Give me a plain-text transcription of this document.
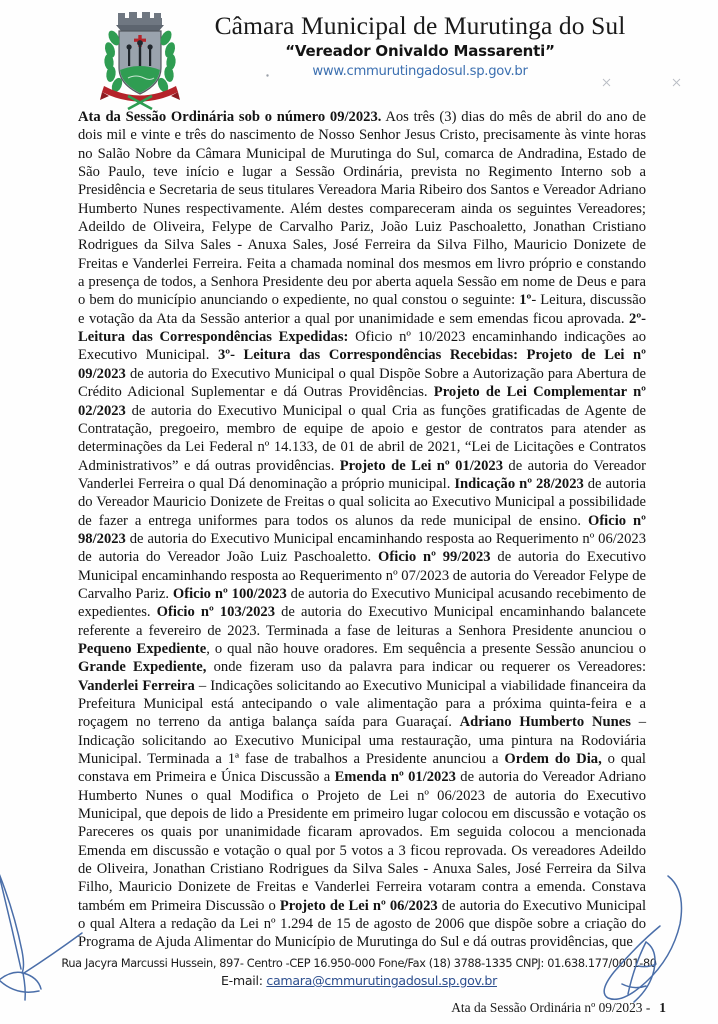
Câmara Municipal de Murutinga do Sul
“Vereador Onivaldo Massarenti”
www.cmmurutingadosul.sp.gov.br

Ata da Sessão Ordinária sob o número 09/2023. Aos três (3) dias do mês de abril do ano de dois mil e vinte e três do nascimento de Nosso Senhor Jesus Cristo, precisamente às vinte horas no Salão Nobre da Câmara Municipal de Murutinga do Sul, comarca de Andradina, Estado de São Paulo, teve início e lugar a Sessão Ordinária, prevista no Regimento Interno sob a Presidência e Secretaria de seus titulares Vereadora Maria Ribeiro dos Santos e Vereador Adriano Humberto Nunes respectivamente. Além destes compareceram ainda os seguintes Vereadores; Adeildo de Oliveira, Felype de Carvalho Pariz, João Luiz Paschoaletto, Jonathan Cristiano Rodrigues da Silva Sales - Anuxa Sales, José Ferreira da Silva Filho, Mauricio Donizete de Freitas e Vanderlei Ferreira. Feita a chamada nominal dos mesmos em livro próprio e constando a presença de todos, a Senhora Presidente deu por aberta aquela Sessão em nome de Deus e para o bem do município anunciando o expediente, no qual constou o seguinte: 1º- Leitura, discussão e votação da Ata da Sessão anterior a qual por unanimidade e sem emendas ficou aprovada. 2º- Leitura das Correspondências Expedidas: Oficio nº 10/2023 encaminhando indicações ao Executivo Municipal. 3º- Leitura das Correspondências Recebidas: Projeto de Lei nº 09/2023 de autoria do Executivo Municipal o qual Dispõe Sobre a Autorização para Abertura de Crédito Adicional Suplementar e dá Outras Providências. Projeto de Lei Complementar nº 02/2023 de autoria do Executivo Municipal o qual Cria as funções gratificadas de Agente de Contratação, pregoeiro, membro de equipe de apoio e gestor de contratos para atender as determinações da Lei Federal nº 14.133, de 01 de abril de 2021, “Lei de Licitações e Contratos Administrativos” e dá outras providências. Projeto de Lei nº 01/2023 de autoria do Vereador Vanderlei Ferreira o qual Dá denominação a próprio municipal. Indicação nº 28/2023 de autoria do Vereador Mauricio Donizete de Freitas o qual solicita ao Executivo Municipal a possibilidade de fazer a entrega uniformes para todos os alunos da rede municipal de ensino. Oficio nº 98/2023 de autoria do Executivo Municipal encaminhando resposta ao Requerimento nº 06/2023 de autoria do Vereador João Luiz Paschoaletto. Oficio nº 99/2023 de autoria do Executivo Municipal encaminhando resposta ao Requerimento nº 07/2023 de autoria do Vereador Felype de Carvalho Pariz. Oficio nº 100/2023 de autoria do Executivo Municipal acusando recebimento de expedientes. Oficio nº 103/2023 de autoria do Executivo Municipal encaminhando balancete referente a fevereiro de 2023. Terminada a fase de leituras a Senhora Presidente anunciou o Pequeno Expediente, o qual não houve oradores. Em sequência a presente Sessão anunciou o Grande Expediente, onde fizeram uso da palavra para indicar ou requerer os Vereadores: Vanderlei Ferreira – Indicações solicitando ao Executivo Municipal a viabilidade financeira da Prefeitura Municipal está antecipando o vale alimentação para a próxima quinta-feira e a roçagem no terreno da antiga balança saída para Guaraçaí. Adriano Humberto Nunes – Indicação solicitando ao Executivo Municipal uma restauração, uma pintura na Rodoviária Municipal. Terminada a 1ª fase de trabalhos a Presidente anunciou a Ordem do Dia, o qual constava em Primeira e Única Discussão a Emenda nº 01/2023 de autoria do Vereador Adriano Humberto Nunes o qual Modifica o Projeto de Lei nº 06/2023 de autoria do Executivo Municipal, que depois de lido a Presidente em primeiro lugar colocou em discussão e votação os Pareceres os quais por unanimidade ficaram aprovados. Em seguida colocou a mencionada Emenda em discussão e votação o qual por 5 votos a 3 ficou reprovada. Os vereadores Adeildo de Oliveira, Jonathan Cristiano Rodrigues da Silva Sales - Anuxa Sales, José Ferreira da Silva Filho, Mauricio Donizete de Freitas e Vanderlei Ferreira votaram contra a emenda. Constava também em Primeira Discussão o Projeto de Lei nº 06/2023 de autoria do Executivo Municipal o qual Altera a redação da Lei nº 1.294 de 15 de agosto de 2006 que dispõe sobre a criação do Programa de Ajuda Alimentar do Município de Murutinga do Sul e dá outras providências, que

Rua Jacyra Marcussi Hussein, 897- Centro -CEP 16.950-000 Fone/Fax (18) 3788-1335 CNPJ: 01.638.177/0001-80
E-mail: camara@cmmurutingadosul.sp.gov.br
Ata da Sessão Ordinária nº 09/2023 - 1
